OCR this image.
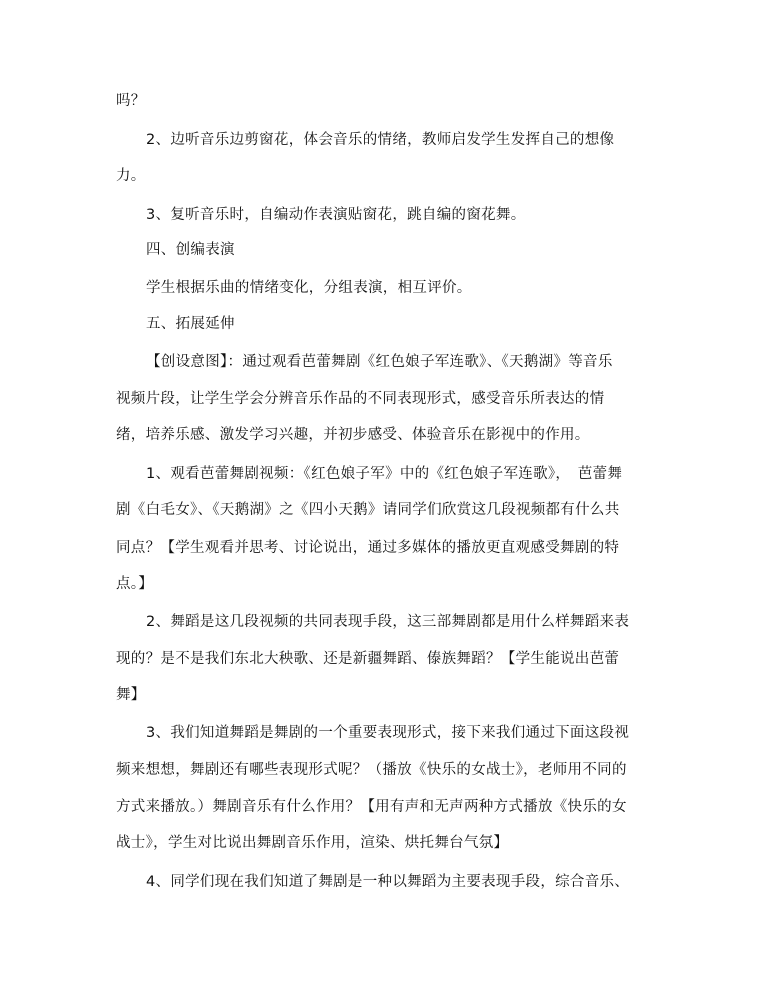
吗？
2、边听音乐边剪窗花，体会音乐的情绪，教师启发学生发挥自己的想像
力。
3、复听音乐时，自编动作表演贴窗花，跳自编的窗花舞。
四、创编表演
学生根据乐曲的情绪变化，分组表演，相互评价。
五、拓展延伸
【创设意图】：通过观看芭蕾舞剧《红色娘子军连歌》、《天鹅湖》等音乐
视频片段，让学生学会分辨音乐作品的不同表现形式，感受音乐所表达的情
绪，培养乐感、激发学习兴趣，并初步感受、体验音乐在影视中的作用。
1、观看芭蕾舞剧视频：《红色娘子军》中的《红色娘子军连歌》，　芭蕾舞
剧《白毛女》、《天鹅湖》之《四小天鹅》请同学们欣赏这几段视频都有什么共
同点？【学生观看并思考、讨论说出，通过多媒体的播放更直观感受舞剧的特
点。】
2、舞蹈是这几段视频的共同表现手段，这三部舞剧都是用什么样舞蹈来表
现的？是不是我们东北大秧歌、还是新疆舞蹈、傣族舞蹈？【学生能说出芭蕾
舞】
3、我们知道舞蹈是舞剧的一个重要表现形式，接下来我们通过下面这段视
频来想想，舞剧还有哪些表现形式呢？（播放《快乐的女战士》，老师用不同的
方式来播放。）舞剧音乐有什么作用？【用有声和无声两种方式播放《快乐的女
战士》，学生对比说出舞剧音乐作用，渲染、烘托舞台气氛】
4、同学们现在我们知道了舞剧是一种以舞蹈为主要表现手段，综合音乐、
